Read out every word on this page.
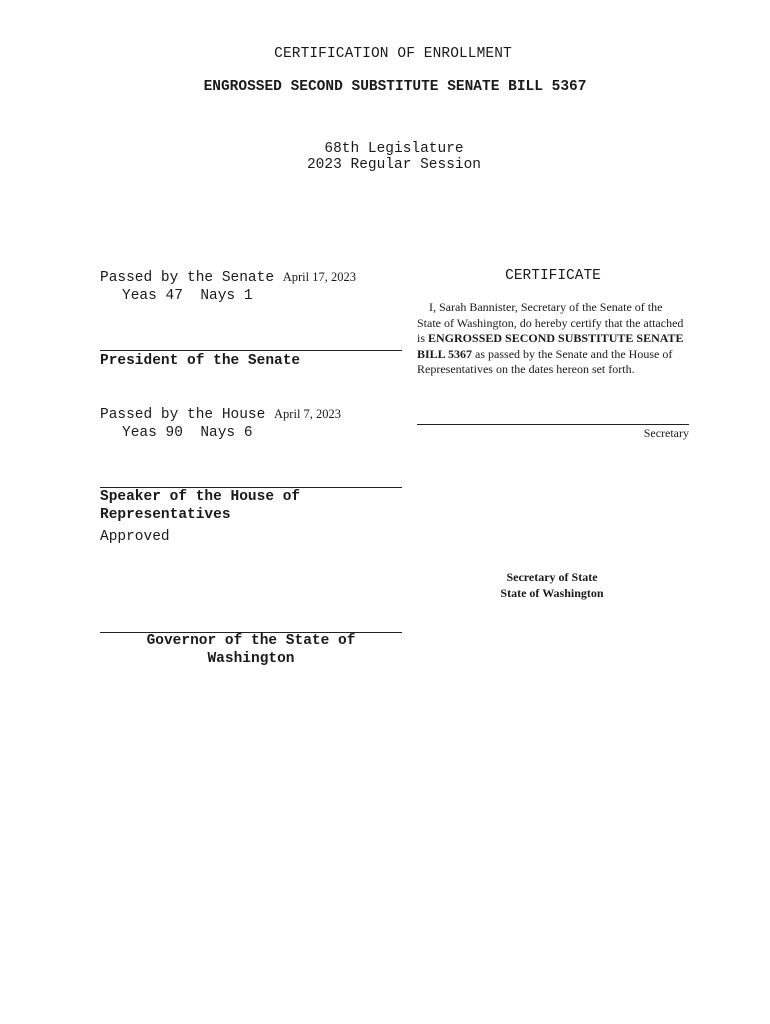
CERTIFICATION OF ENROLLMENT
ENGROSSED SECOND SUBSTITUTE SENATE BILL 5367
68th Legislature
2023 Regular Session
Passed by the Senate April 17, 2023
Yeas 47  Nays 1
President of the Senate
Passed by the House April 7, 2023
Yeas 90  Nays 6
Speaker of the House of
Representatives
Approved
Governor of the State of
Washington
CERTIFICATE
I, Sarah Bannister, Secretary of the Senate of the State of Washington, do hereby certify that the attached is ENGROSSED SECOND SUBSTITUTE SENATE BILL 5367 as passed by the Senate and the House of Representatives on the dates hereon set forth.
Secretary
Secretary of State
State of Washington
